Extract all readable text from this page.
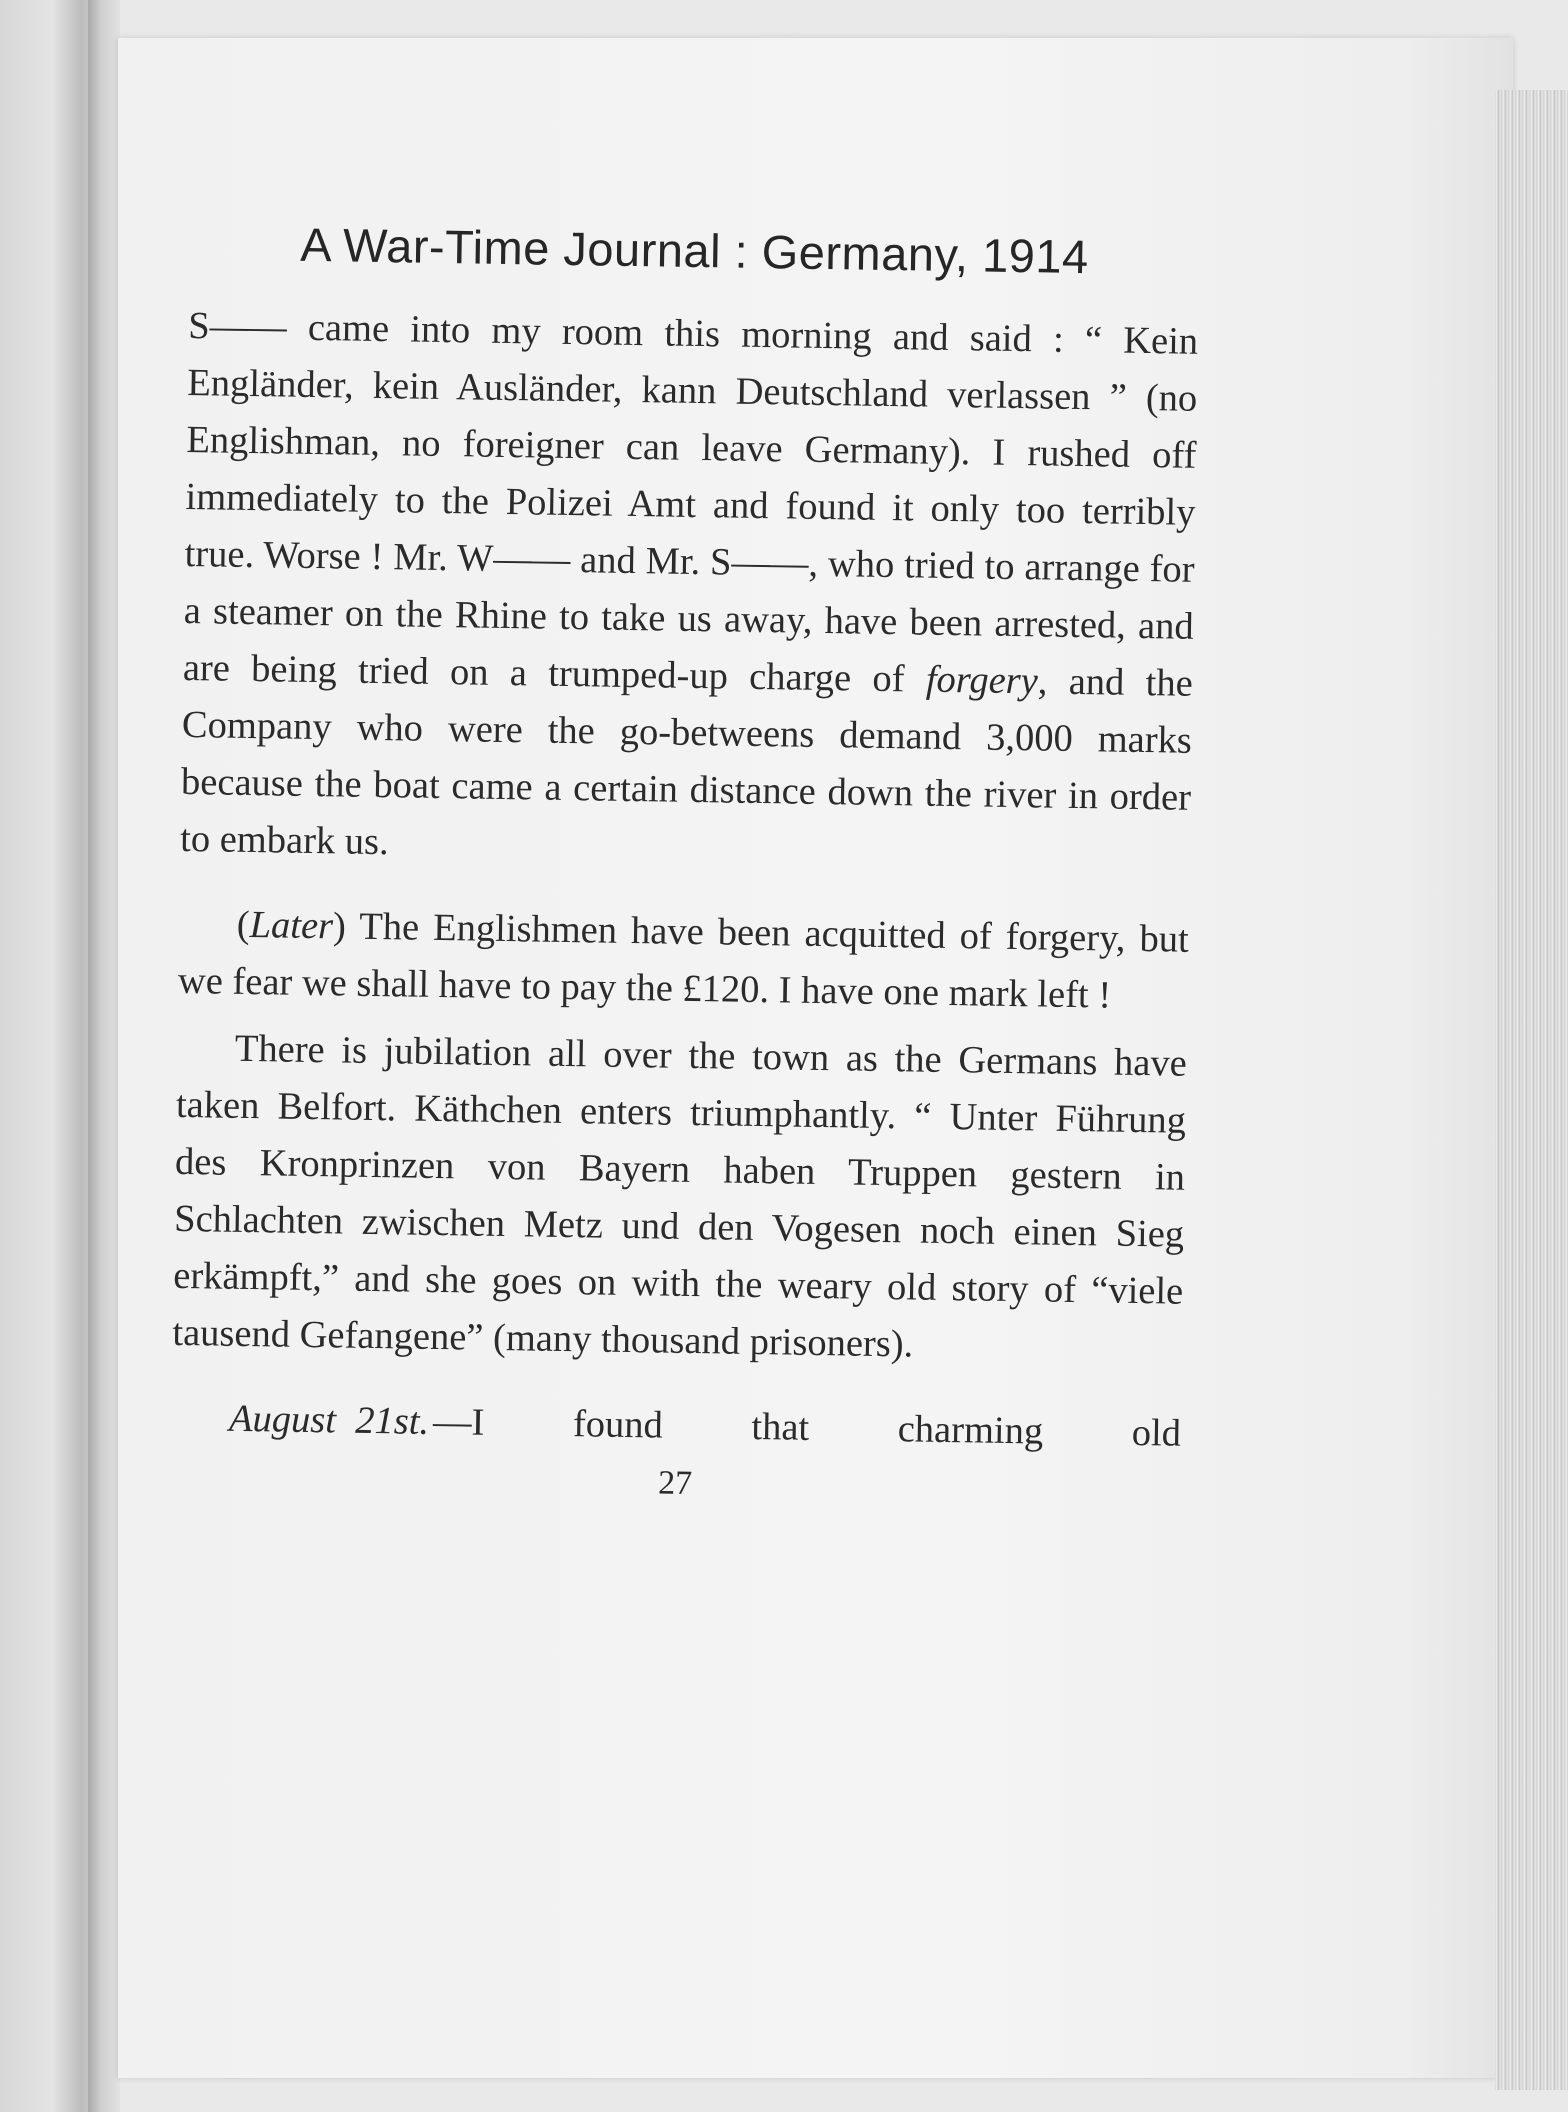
A War-Time Journal : Germany, 1914

S—— came into my room this morning and said : “ Kein Engländer, kein Ausländer, kann Deutschland verlassen ” (no Englishman, no foreigner can leave Germany). I rushed off immediately to the Polizei Amt and found it only too terribly true. Worse ! Mr. W—— and Mr. S——, who tried to arrange for a steamer on the Rhine to take us away, have been arrested, and are being tried on a trumped-up charge of forgery, and the Company who were the go-betweens demand 3,000 marks because the boat came a certain distance down the river in order to embark us.

(Later) The Englishmen have been acquitted of forgery, but we fear we shall have to pay the £120. I have one mark left !

There is jubilation all over the town as the Germans have taken Belfort. Käthchen enters triumphantly. “ Unter Führung des Kronprinzen von Bayern haben Truppen gestern in Schlachten zwischen Metz und den Vogesen noch einen Sieg erkämpft,” and she goes on with the weary old story of “viele tausend Gefangene” (many thousand prisoners).

August 21st. —I found that charming old
27
